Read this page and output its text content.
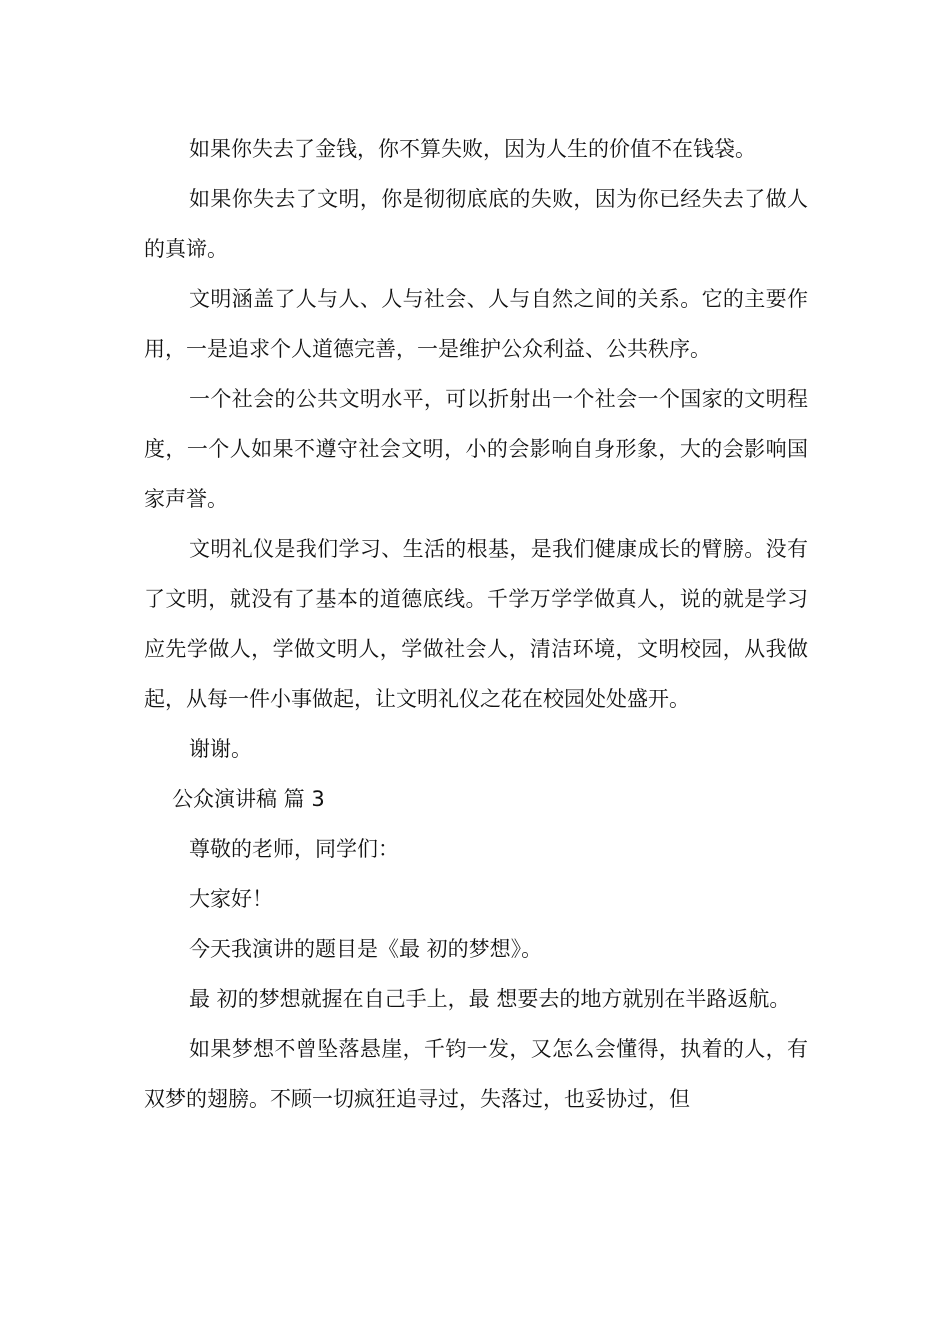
如果你失去了金钱，你不算失败，因为人生的价值不在钱袋。

如果你失去了文明，你是彻彻底底的失败，因为你已经失去了做人的真谛。

文明涵盖了人与人、人与社会、人与自然之间的关系。它的主要作用，一是追求个人道德完善，一是维护公众利益、公共秩序。

一个社会的公共文明水平，可以折射出一个社会一个国家的文明程度，一个人如果不遵守社会文明，小的会影响自身形象，大的会影响国家声誉。

文明礼仪是我们学习、生活的根基，是我们健康成长的臂膀。没有了文明，就没有了基本的道德底线。千学万学学做真人，说的就是学习应先学做人，学做文明人，学做社会人，清洁环境，文明校园，从我做起，从每一件小事做起，让文明礼仪之花在校园处处盛开。

谢谢。

公众演讲稿 篇 3

尊敬的老师，同学们：

大家好！

今天我演讲的题目是《最 初的梦想》。

最 初的梦想就握在自己手上，最 想要去的地方就别在半路返航。

如果梦想不曾坠落悬崖，千钧一发，又怎么会懂得，执着的人，有双梦的翅膀。不顾一切疯狂追寻过，失落过，也妥协过，但
